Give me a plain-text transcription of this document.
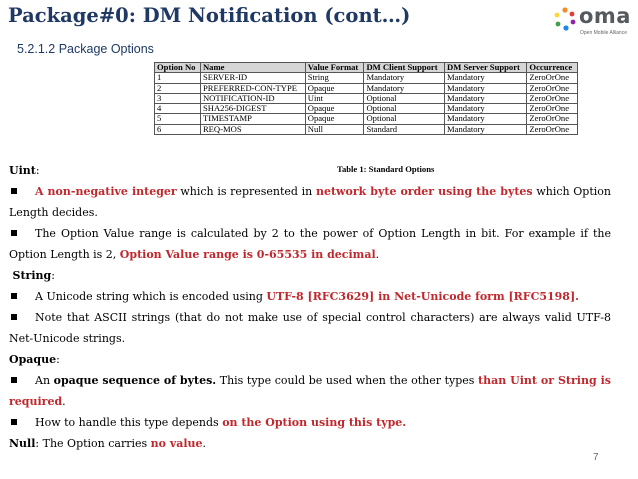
Package#0: DM Notification (cont…)	oma
Open Mobile Alliance
5.2.1.2 Package Options
Option No	Name	Value Format	DM Client Support	DM Server Support	Occurrence
1	SERVER-ID	String	Mandatory	Mandatory	ZeroOrOne
2	PREFERRED-CON-TYPE	Opaque	Mandatory	Mandatory	ZeroOrOne
3	NOTIFICATION-ID	Uint	Optional	Mandatory	ZeroOrOne
4	SHA256-DIGEST	Opaque	Optional	Mandatory	ZeroOrOne
5	TIMESTAMP	Opaque	Optional	Mandatory	ZeroOrOne
6	REQ-MOS	Null	Standard	Mandatory	ZeroOrOne
Table 1: Standard Options

Uint:

A non-negative integer which is represented in network byte order using the bytes which Option Length decides.

The Option Value range is calculated by 2 to the power of Option Length in bit. For example if the Option Length is 2, Option Value range is 0-65535 in decimal.

String:

A Unicode string which is encoded using UTF-8 [RFC3629] in Net-Unicode form [RFC5198].

Note that ASCII strings (that do not make use of special control characters) are always valid UTF-8 Net-Unicode strings.

Opaque:

An opaque sequence of bytes. This type could be used when the other types than Uint or String is required.

How to handle this type depends on the Option using this type.

Null: The Option carries no value.

7
